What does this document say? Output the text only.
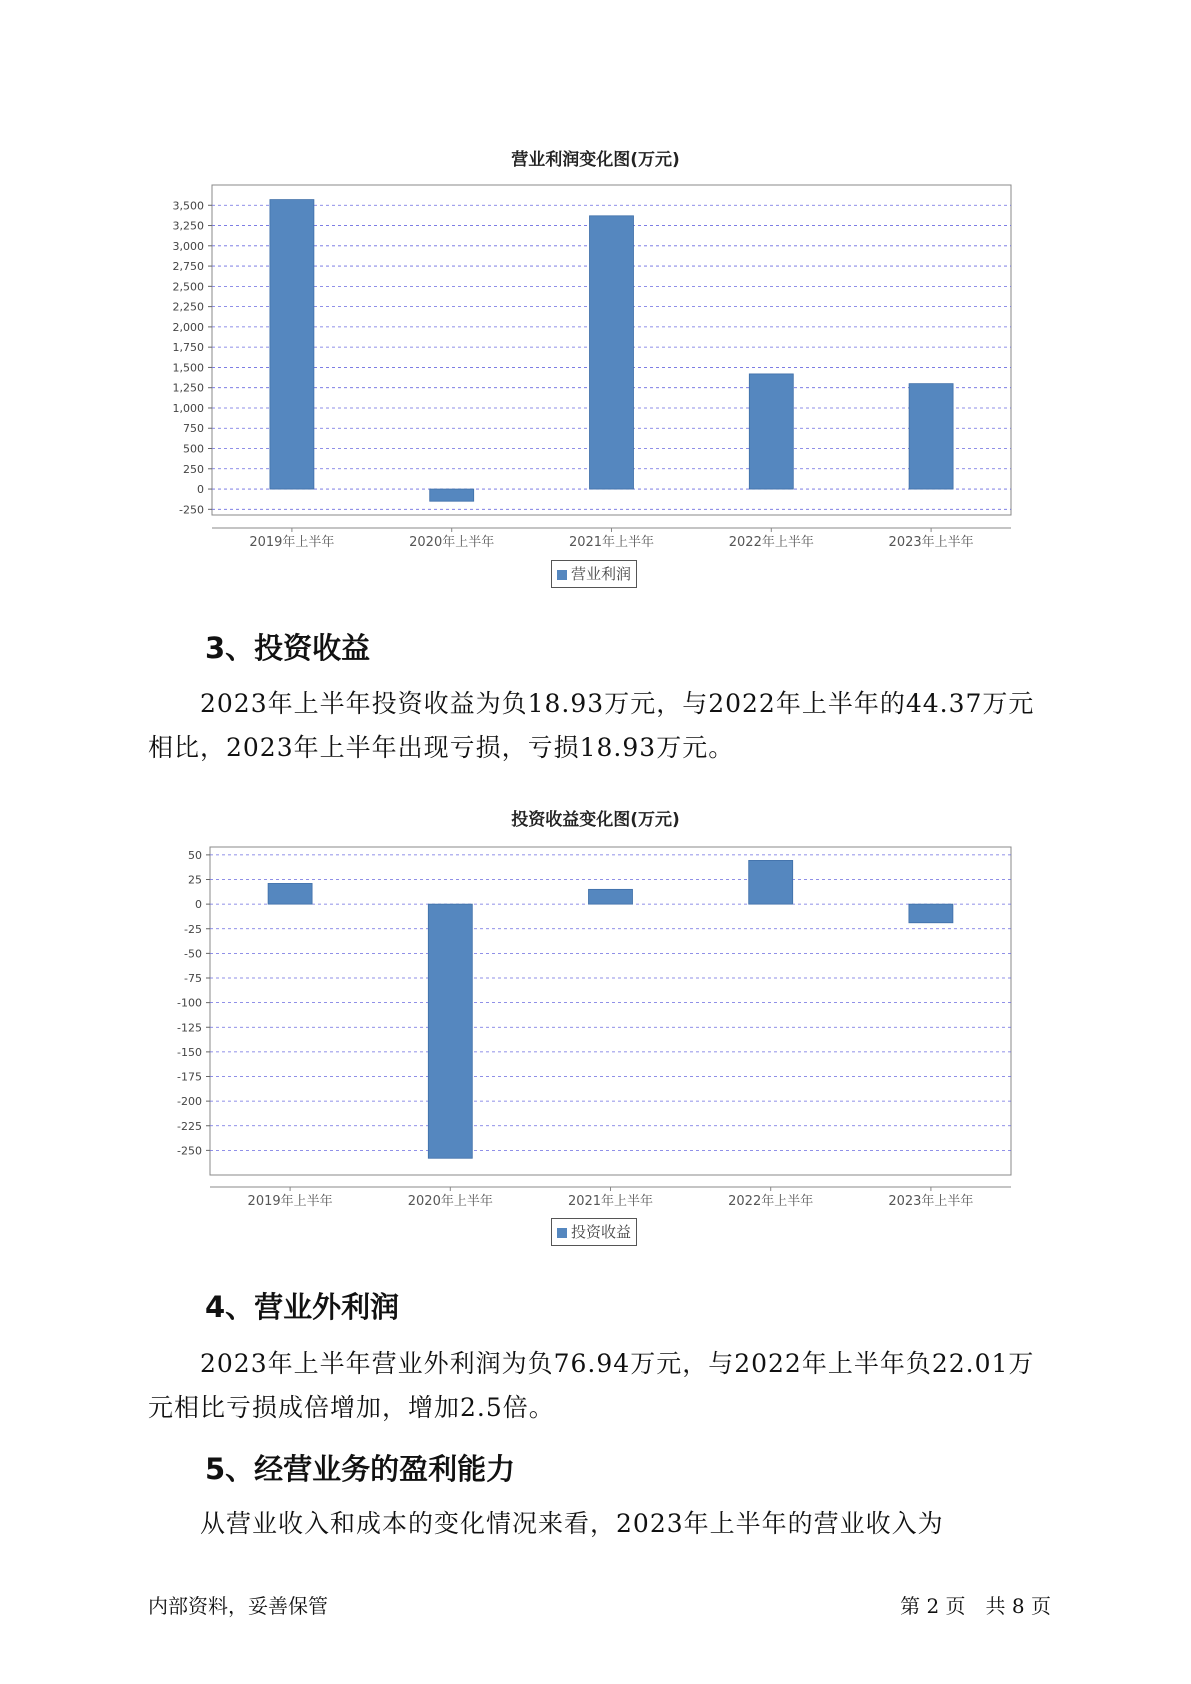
营业利润变化图(万元)
3,500
3,250
3,000
2,750
2,500
2,250
2,000
1,750
1,500
1,250
1,000
750
500
250
0
-250
2019年上半年	2020年上半年	2021年上半年	2022年上半年	2023年上半年
营业利润
3、投资收益

2023年上半年投资收益为负18.93万元，与2022年上半年的44.37万元

相比，2023年上半年出现亏损，亏损18.93万元。

投资收益变化图(万元)
50
25
0
-25
-50
-75
-100
-125
-150
-175
-200
-225
-250
2019年上半年	2020年上半年	2021年上半年	2022年上半年	2023年上半年
投资收益
4、营业外利润

2023年上半年营业外利润为负76.94万元，与2022年上半年负22.01万

元相比亏损成倍增加，增加2.5倍。

5、经营业务的盈利能力

从营业收入和成本的变化情况来看，2023年上半年的营业收入为

内部资料，妥善保管	第 2 页　共 8 页
